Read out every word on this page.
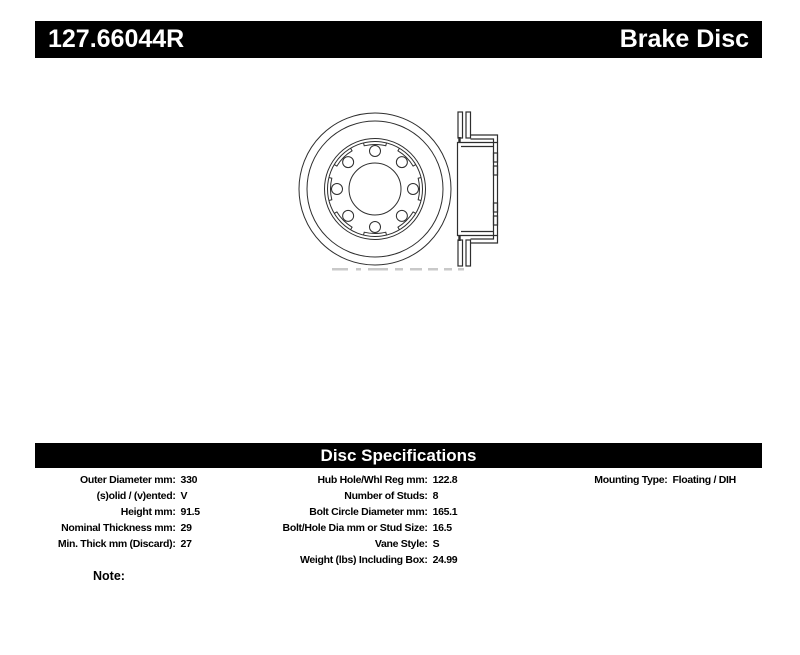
127.66044R	Brake Disc
Disc Specifications
Outer Diameter mm: 330
(s)olid / (v)ented: V
Height mm: 91.5
Nominal Thickness mm: 29
Min. Thick mm (Discard): 27
Hub Hole/Whl Reg mm: 122.8
Number of Studs: 8
Bolt Circle Diameter mm: 165.1
Bolt/Hole Dia mm or Stud Size: 16.5
Vane Style: S
Weight (lbs) Including Box: 24.99
Mounting Type: Floating / DIH
Note:
